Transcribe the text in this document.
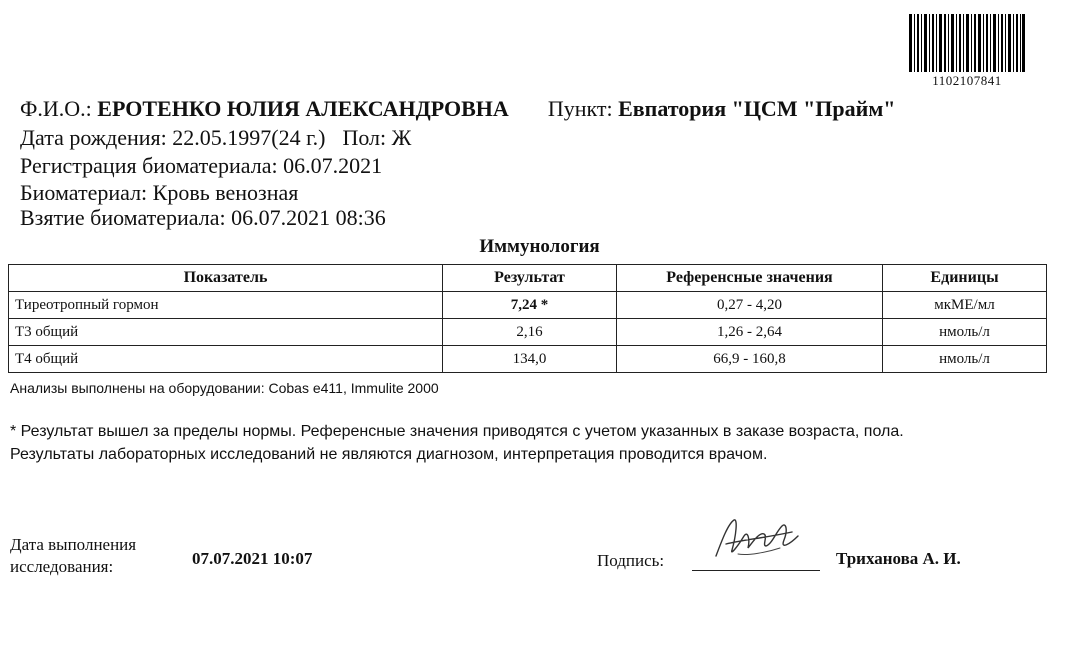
1102107841
Ф.И.О.: ЕРОТЕНКО ЮЛИЯ АЛЕКСАНДРОВНА Пункт: Евпатория "ЦСМ "Прайм"
Дата рождения: 22.05.1997(24 г.) Пол: Ж
Регистрация биоматериала: 06.07.2021
Биоматериал: Кровь венозная
Взятие биоматериала: 06.07.2021 08:36
Иммунология
Показатель	Результат	Референсные значения	Единицы
Тиреотропный гормон	7,24 *	0,27 - 4,20	мкМЕ/мл
Т3 общий	2,16	1,26 - 2,64	нмоль/л
Т4 общий	134,0	66,9 - 160,8	нмоль/л
Анализы выполнены на оборудовании: Cobas e411, Immulite 2000
* Результат вышел за пределы нормы. Референсные значения приводятся с учетом указанных в заказе возраста, пола.
Результаты лабораторных исследований не являются диагнозом, интерпретация проводится врачом.
Дата выполнения
исследования:	07.07.2021 10:07	Подпись:	Триханова А. И.
